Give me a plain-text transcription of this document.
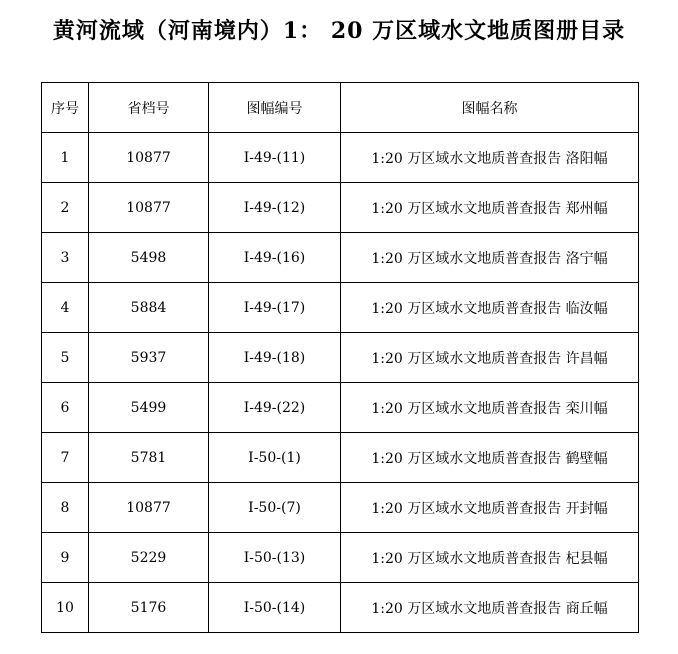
黄河流域（河南境内）1： 20 万区域水文地质图册目录
序号	省档号	图幅编号	图幅名称
1	10877	I-49-(11)	1:20 万区域水文地质普查报告 洛阳幅
2	10877	I-49-(12)	1:20 万区域水文地质普查报告 郑州幅
3	5498	I-49-(16)	1:20 万区域水文地质普查报告 洛宁幅
4	5884	I-49-(17)	1:20 万区域水文地质普查报告 临汝幅
5	5937	I-49-(18)	1:20 万区域水文地质普查报告 许昌幅
6	5499	I-49-(22)	1:20 万区域水文地质普查报告 栾川幅
7	5781	I-50-(1)	1:20 万区域水文地质普查报告 鹤壁幅
8	10877	I-50-(7)	1:20 万区域水文地质普查报告 开封幅
9	5229	I-50-(13)	1:20 万区域水文地质普查报告 杞县幅
10	5176	I-50-(14)	1:20 万区域水文地质普查报告 商丘幅
